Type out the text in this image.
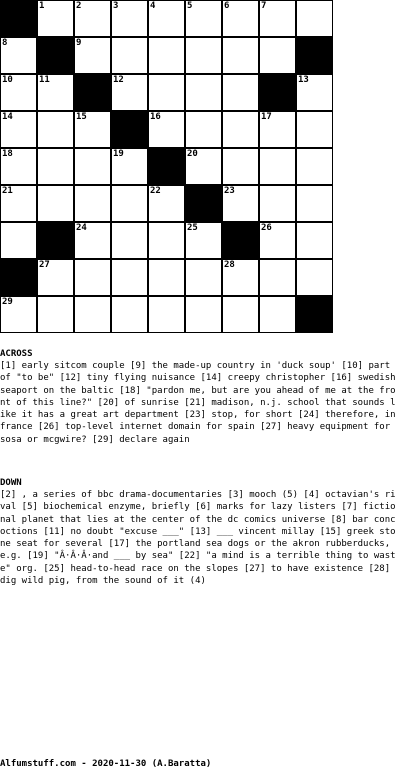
1	2	3	4	5	6	7
8	9
10	11	12	13
14	15	16	17
18	19	20
21	22	23
24	25	26
27	28
29
ACROSS
[1] early sitcom couple [9] the made-up country in 'duck soup' [10] part of "to be" [12] tiny flying nuisance [14] creepy christopher [16] swedish seaport on the baltic [18] "pardon me, but are you ahead of me at the front of this line?" [20] of sunrise [21] madison, n.j. school that sounds like it has a great art department [23] stop, for short [24] therefore, in france [26] top-level internet domain for spain [27] heavy equipment for sosa or mcgwire? [29] declare again
DOWN
[2] , a series of bbc drama-documentaries [3] mooch (5) [4] octavian's rival [5] biochemical enzyme, briefly [6] marks for lazy listers [7] fictional planet that lies at the center of the dc comics universe [8] bar concoctions [11] no doubt "excuse ___" [13] ___ vincent millay [15] greek stone seat for several [17] the portland sea dogs or the akron rubberducks, e.g. [19] "Â·Â·Â·and ___ by sea" [22] "a mind is a terrible thing to waste" org. [25] head-to-head race on the slopes [27] to have existence [28] dig wild pig, from the sound of it (4)
Alfumstuff.com - 2020-11-30 (A.Baratta)
